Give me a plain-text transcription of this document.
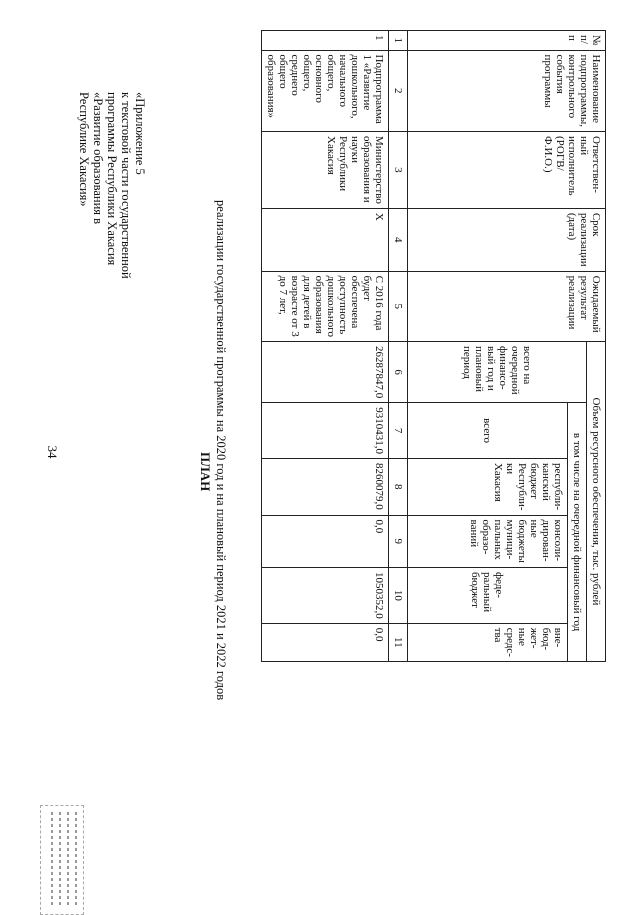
34
«Приложение 5
к текстовой части государственной
программы Республики Хакасия
«Развитие образования в
Республике Хакасия»
ПЛАН реализации государственной программы на 2020 год и на плановый период 2021 и 2022 годов
№ п/п	Наименование подпрограммы, контрольного события программы	Ответствен-ный исполнитель (РОГВ/Ф.И.О.)	Срок реализации (дата)	Ожидаемый результат реализации	Объем ресурсного обеспечения, тыс. рублей					
					всего на очередной финансо-вый год и плановый период	в том числе на очередной финансовый год				
						всего	республи-канский бюджет Республи-ки Хакасия	консоли-дирован-ные бюджеты муници-пальных образо-ваний	феде-ральный бюджет	вне-бюд-жет-ные средс-тва
1	2	3	4	5	6	7	8	9	10	11
1	Подпрограмма 1 «Развитие дошкольного, начального общего, основного общего, среднего общего образования»	Министерство образования и науки Республики Хакасия	Х	С 2016 года будет обеспечена доступность дошкольного образования для детей в возрасте от 3 до 7 лет,	26287847,0	9310431,0	8260079,0	0,0	1050352,0	0,0
